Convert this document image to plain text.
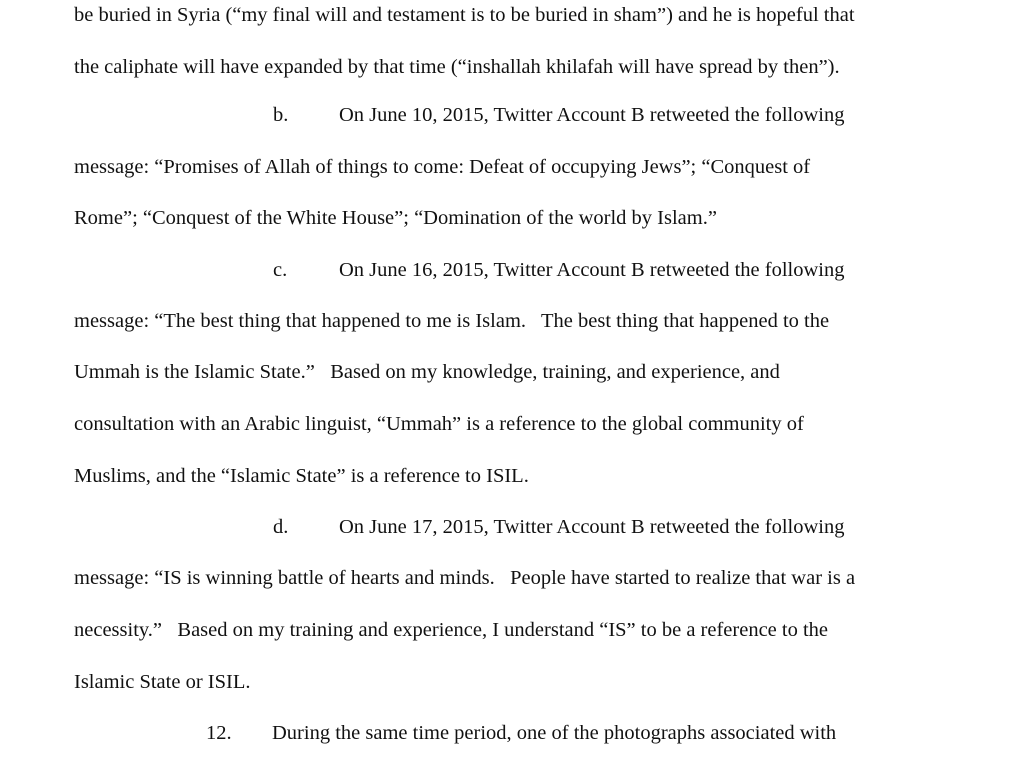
be buried in Syria (“my final will and testament is to be buried in sham”) and he is hopeful that

the caliphate will have expanded by that time (“inshallah khilafah will have spread by then”).

b. On June 10, 2015, Twitter Account B retweeted the following

message: “Promises of Allah of things to come: Defeat of occupying Jews”; “Conquest of

Rome”; “Conquest of the White House”; “Domination of the world by Islam.”

c.	On June 16, 2015, Twitter Account B retweeted the following

message: “The best thing that happened to me is Islam.   The best thing that happened to the

Ummah is the Islamic State.”   Based on my knowledge, training, and experience, and

consultation with an Arabic linguist, “Ummah” is a reference to the global community of

Muslims, and the “Islamic State” is a reference to ISIL.

d. On June 17, 2015, Twitter Account B retweeted the following

message: “IS is winning battle of hearts and minds.   People have started to realize that war is a

necessity.”   Based on my training and experience, I understand “IS” to be a reference to the

Islamic State or ISIL.

12. During the same time period, one of the photographs associated with
